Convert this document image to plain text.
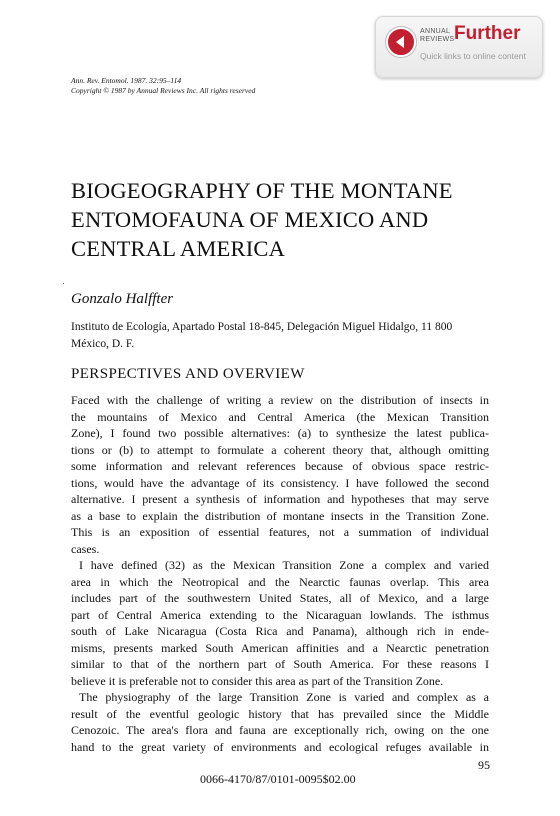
ANNUAL
REVIEWS Further
Quick links to online content
Ann. Rev. Entomol. 1987. 32:95–114
Copyright © 1987 by Annual Reviews Inc. All rights reserved
BIOGEOGRAPHY OF THE MONTANE
ENTOMOFAUNA OF MEXICO AND
CENTRAL AMERICA
Gonzalo Halffter
Instituto de Ecología, Apartado Postal 18-845, Delegación Miguel Hidalgo, 11 800
México, D. F.
PERSPECTIVES AND OVERVIEW
Faced with the challenge of writing a review on the distribution of insects in
the mountains of Mexico and Central America (the Mexican Transition
Zone), I found two possible alternatives: (a) to synthesize the latest publica-
tions or (b) to attempt to formulate a coherent theory that, although omitting
some information and relevant references because of obvious space restric-
tions, would have the advantage of its consistency. I have followed the second
alternative. I present a synthesis of information and hypotheses that may serve
as a base to explain the distribution of montane insects in the Transition Zone.
This is an exposition of essential features, not a summation of individual
cases.
I have defined (32) as the Mexican Transition Zone a complex and varied
area in which the Neotropical and the Nearctic faunas overlap. This area
includes part of the southwestern United States, all of Mexico, and a large
part of Central America extending to the Nicaraguan lowlands. The isthmus
south of Lake Nicaragua (Costa Rica and Panama), although rich in ende-
misms, presents marked South American affinities and a Nearctic penetration
similar to that of the northern part of South America. For these reasons I
believe it is preferable not to consider this area as part of the Transition Zone.
The physiography of the large Transition Zone is varied and complex as a
result of the eventful geologic history that has prevailed since the Middle
Cenozoic. The area's flora and fauna are exceptionally rich, owing on the one
hand to the great variety of environments and ecological refuges available in
95
0066-4170/87/0101-0095$02.00
